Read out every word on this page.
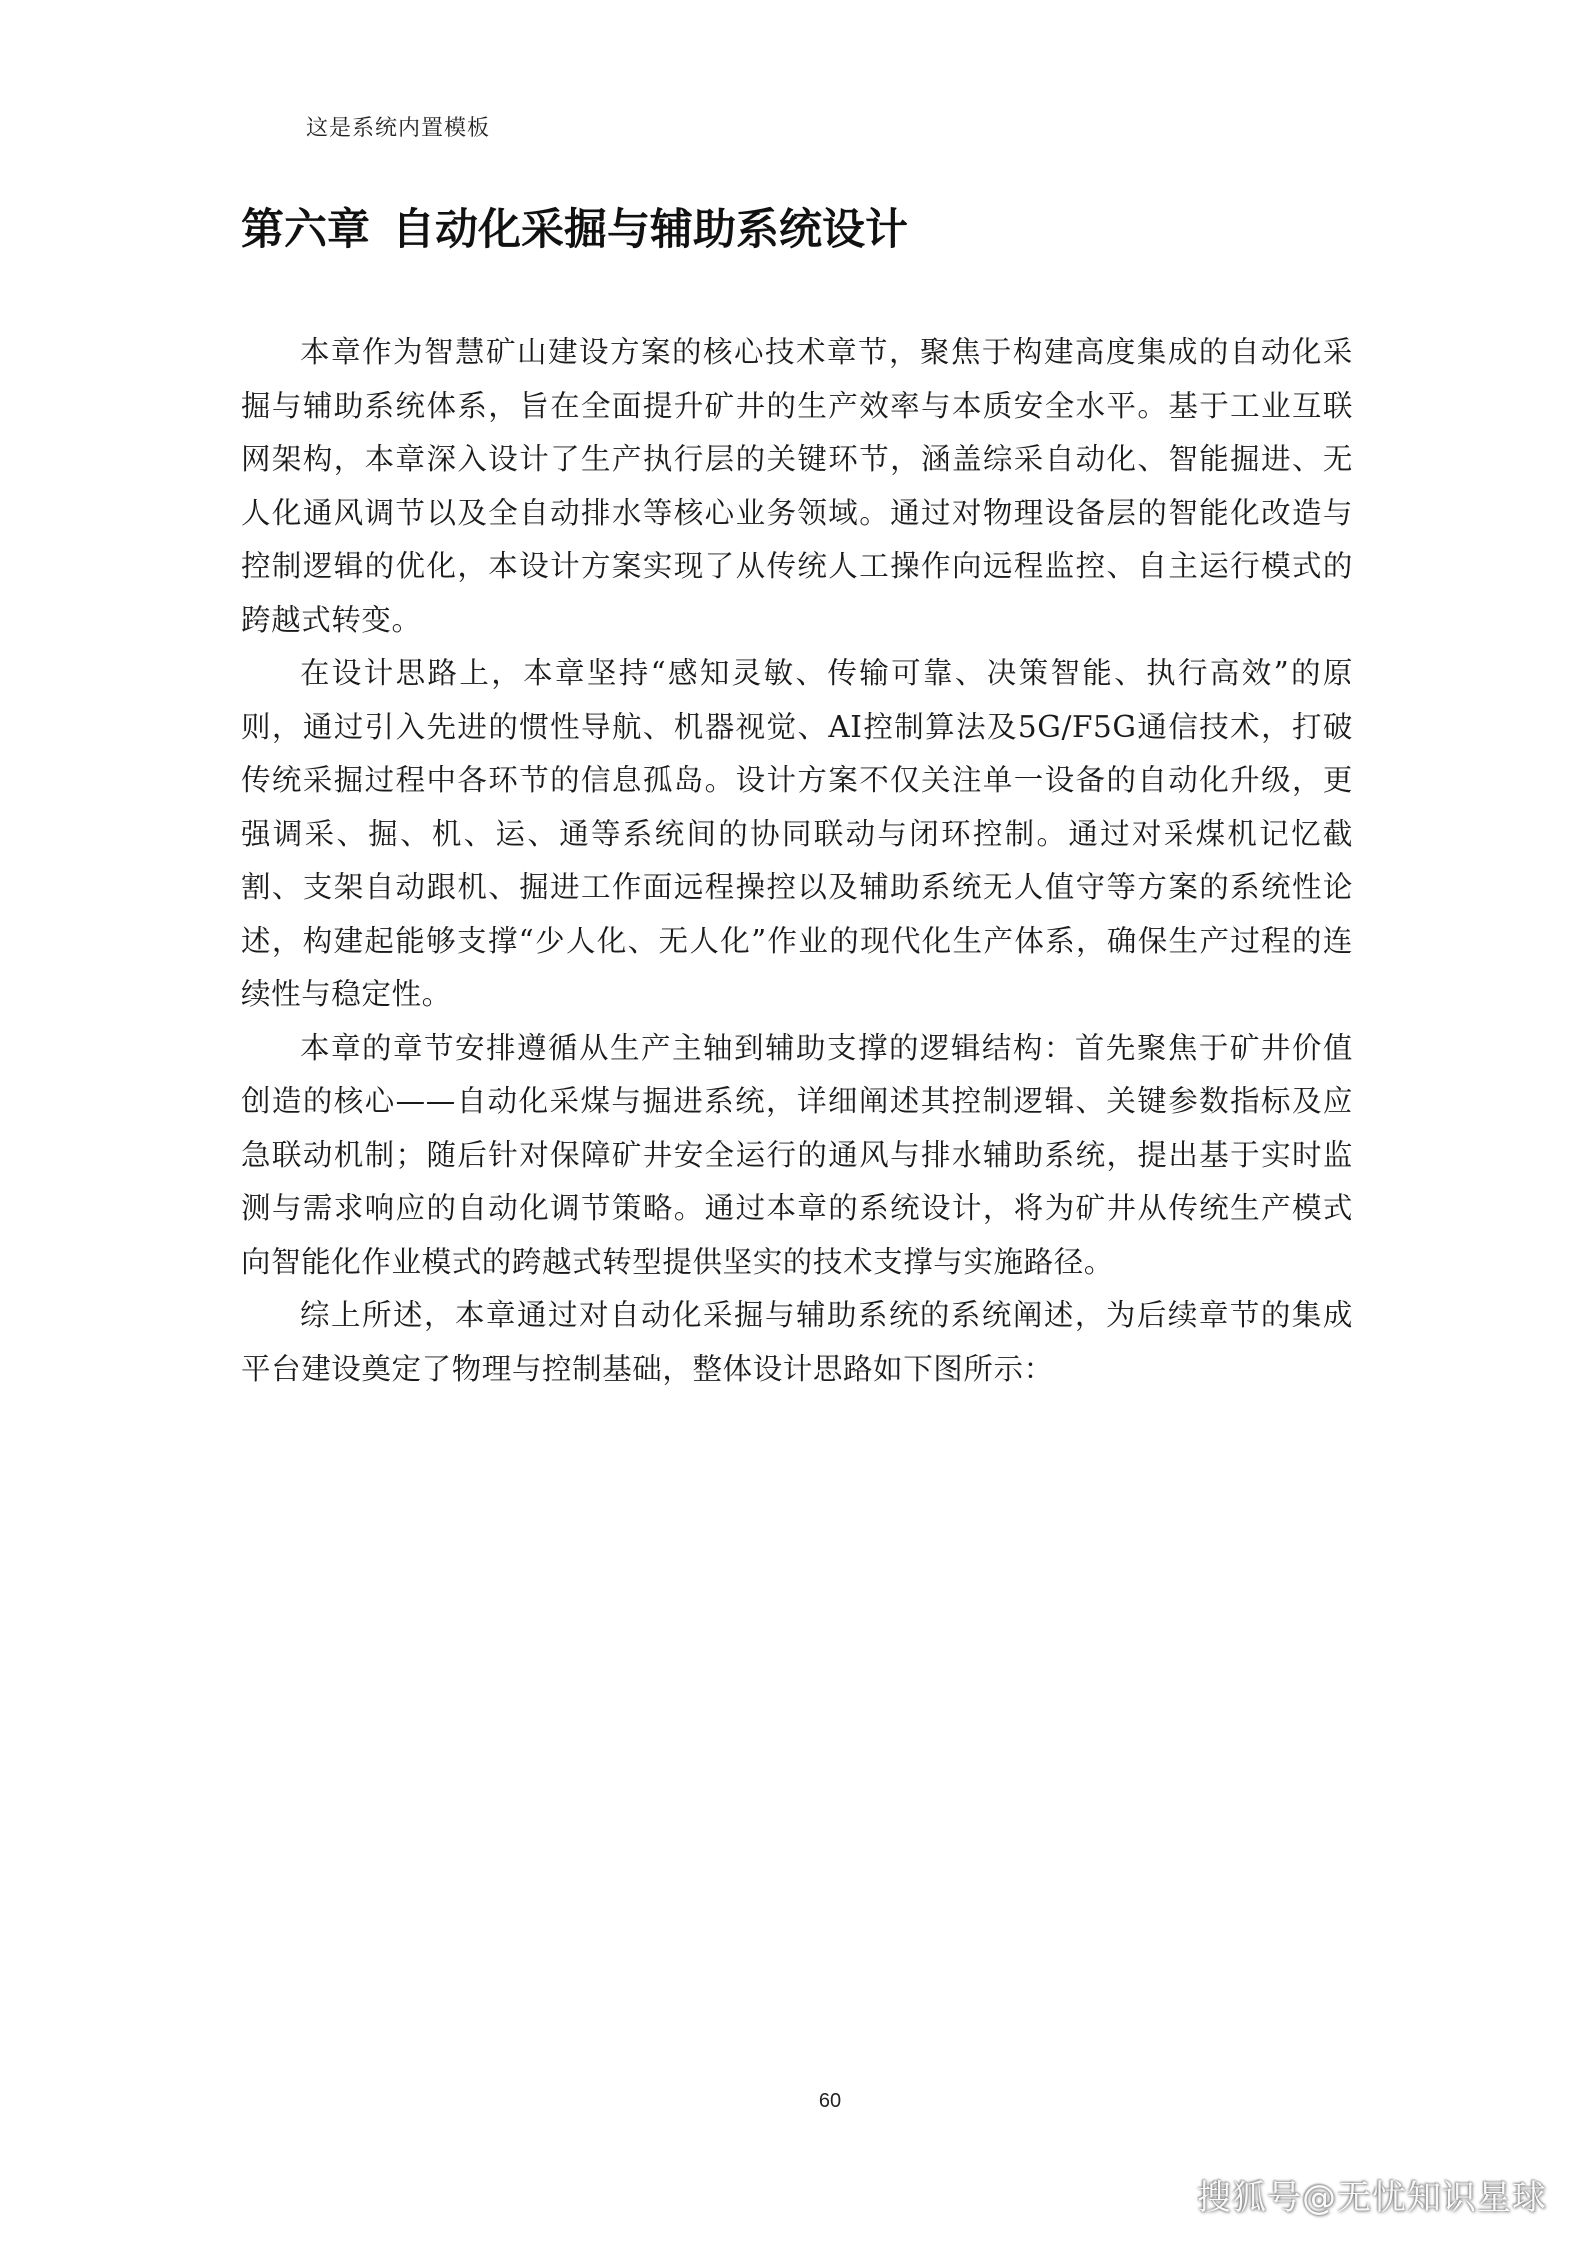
这是系统内置模板
第六章 自动化采掘与辅助系统设计

本章作为智慧矿山建设方案的核心技术章节，聚焦于构建高度集成的自动化采掘与辅助系统体系，旨在全面提升矿井的生产效率与本质安全水平。基于工业互联网架构，本章深入设计了生产执行层的关键环节，涵盖综采自动化、智能掘进、无人化通风调节以及全自动排水等核心业务领域。通过对物理设备层的智能化改造与控制逻辑的优化，本设计方案实现了从传统人工操作向远程监控、自主运行模式的跨越式转变。

在设计思路上，本章坚持“感知灵敏、传输可靠、决策智能、执行高效”的原则，通过引入先进的惯性导航、机器视觉、AI控制算法及5G/F5G通信技术，打破传统采掘过程中各环节的信息孤岛。设计方案不仅关注单一设备的自动化升级，更强调采、掘、机、运、通等系统间的协同联动与闭环控制。通过对采煤机记忆截割、支架自动跟机、掘进工作面远程操控以及辅助系统无人值守等方案的系统性论述，构建起能够支撑“少人化、无人化”作业的现代化生产体系，确保生产过程的连续性与稳定性。

本章的章节安排遵循从生产主轴到辅助支撑的逻辑结构：首先聚焦于矿井价值创造的核心——自动化采煤与掘进系统，详细阐述其控制逻辑、关键参数指标及应急联动机制；随后针对保障矿井安全运行的通风与排水辅助系统，提出基于实时监测与需求响应的自动化调节策略。通过本章的系统设计，将为矿井从传统生产模式向智能化作业模式的跨越式转型提供坚实的技术支撑与实施路径。

综上所述，本章通过对自动化采掘与辅助系统的系统阐述，为后续章节的集成平台建设奠定了物理与控制基础，整体设计思路如下图所示：

60
搜狐号@无忧知识星球
